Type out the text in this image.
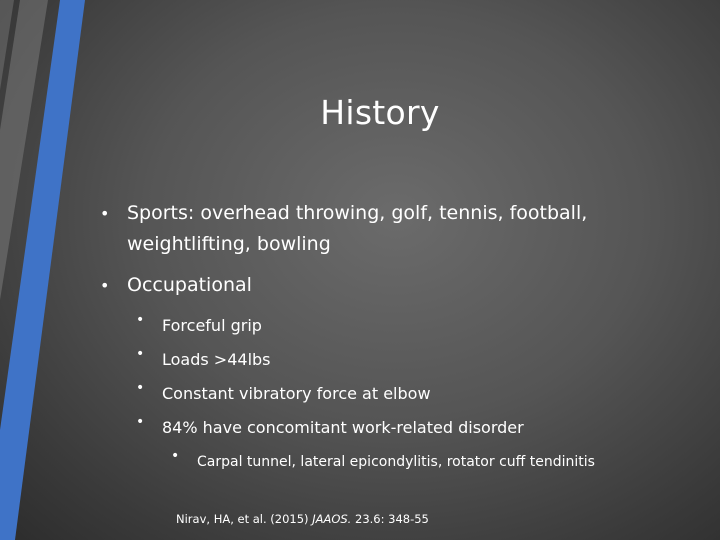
History
• Sports: overhead throwing, golf, tennis, football, weightlifting, bowling
• Occupational
• Forceful grip
• Loads >44lbs
• Constant vibratory force at elbow
• 84% have concomitant work-related disorder
• Carpal tunnel, lateral epicondylitis, rotator cuff tendinitis
Nirav, HA, et al. (2015) JAAOS. 23.6: 348-55
